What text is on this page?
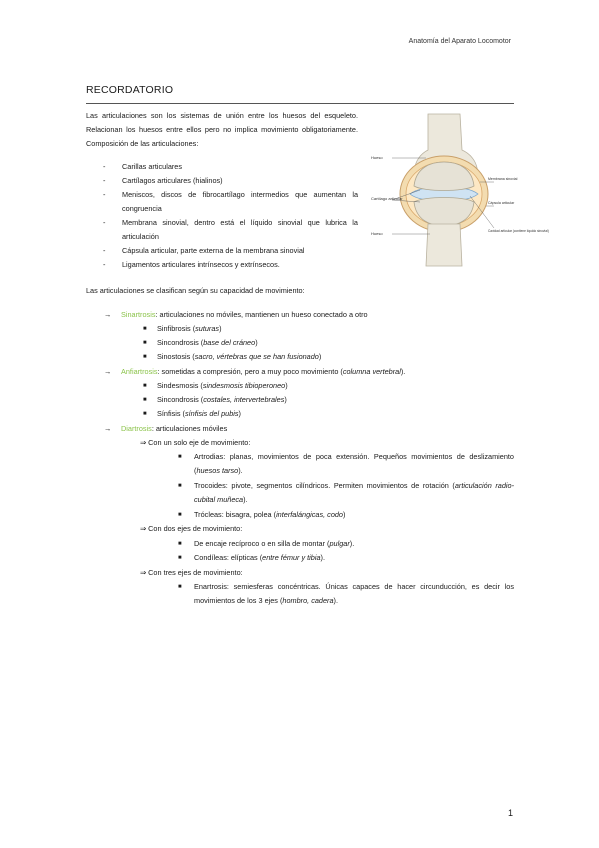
Anatomía del Aparato Locomotor
RECORDATORIO
Las articulaciones son los sistemas de unión entre los huesos del esqueleto. Relacionan los huesos entre ellos pero no implica movimiento obligatoriamente. Composición de las articulaciones:
- Carillas articulares
- Cartílagos articulares (hialinos)
- Meniscos, discos de fibrocartílago intermedios que aumentan la congruencia
- Membrana sinovial, dentro está el líquido sinovial que lubrica la articulación
- Cápsula articular, parte externa de la membrana sinovial
- Ligamentos articulares intrínsecos y extrínsecos.
Hueso
Cartílago articular
Hueso
Membrana sinovial
Cápsula articular
Cavidad articular (contiene líquido sinovial)
Las articulaciones se clasifican según su capacidad de movimiento:
→ Sinartrosis: articulaciones no móviles, mantienen un hueso conectado a otro
■ Sinfibrosis (suturas)
■ Sincondrosis (base del cráneo)
■ Sinostosis (sacro, vértebras que se han fusionado)
→ Anfiartrosis: sometidas a compresión, pero a muy poco movimiento (columna vertebral).
■ Sindesmosis (sindesmosis tibioperoneo)
■ Sincondrosis (costales, intervertebrales)
■ Sínfisis (sínfisis del pubis)
→ Diartrosis: articulaciones móviles
⇒ Con un solo eje de movimiento:
■ Artrodias: planas, movimientos de poca extensión. Pequeños movimientos de deslizamiento (huesos tarso).
■ Trocoides: pivote, segmentos cilíndricos. Permiten movimientos de rotación (articulación radio-cubital muñeca).
■ Trócleas: bisagra, polea (interfalángicas, codo)
⇒ Con dos ejes de movimiento:
■ De encaje recíproco o en silla de montar (pulgar).
■ Condíleas: elípticas (entre fémur y tibia).
⇒ Con tres ejes de movimiento:
■ Enartrosis: semiesferas concéntricas. Únicas capaces de hacer circunducción, es decir los movimientos de los 3 ejes (hombro, cadera).
1
